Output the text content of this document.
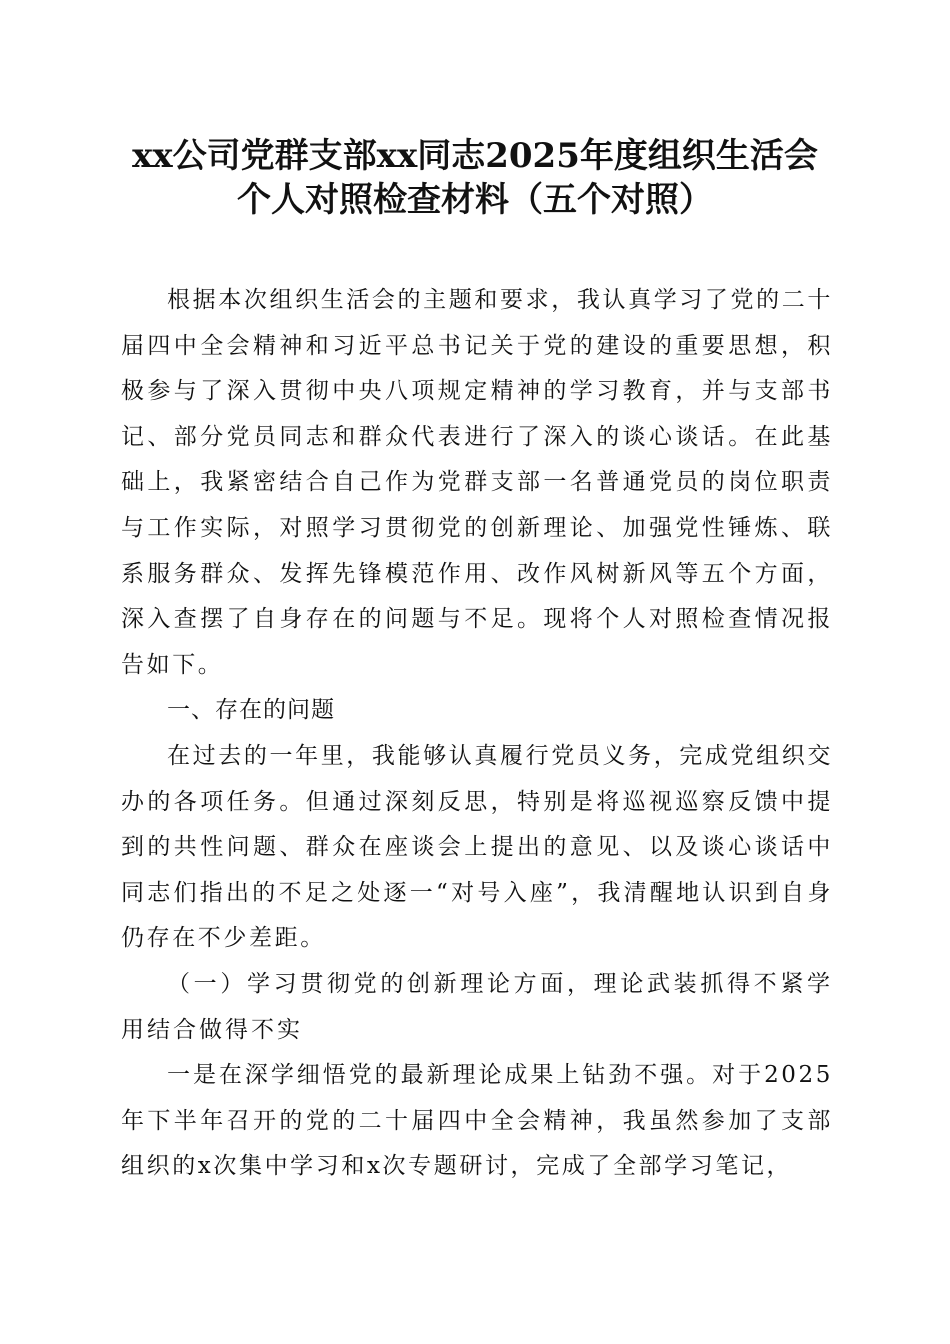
xx公司党群支部xx同志2025年度组织生活会
个人对照检查材料（五个对照）

根据本次组织生活会的主题和要求，我认真学习了党的二十届四中全会精神和习近平总书记关于党的建设的重要思想，积极参与了深入贯彻中央八项规定精神的学习教育，并与支部书记、部分党员同志和群众代表进行了深入的谈心谈话。在此基础上，我紧密结合自己作为党群支部一名普通党员的岗位职责与工作实际，对照学习贯彻党的创新理论、加强党性锤炼、联系服务群众、发挥先锋模范作用、改作风树新风等五个方面，深入查摆了自身存在的问题与不足。现将个人对照检查情况报告如下。

一、存在的问题

在过去的一年里，我能够认真履行党员义务，完成党组织交办的各项任务。但通过深刻反思，特别是将巡视巡察反馈中提到的共性问题、群众在座谈会上提出的意见、以及谈心谈话中同志们指出的不足之处逐一“对号入座”，我清醒地认识到自身仍存在不少差距。

（一）学习贯彻党的创新理论方面，理论武装抓得不紧学用结合做得不实

一是在深学细悟党的最新理论成果上钻劲不强。对于2025年下半年召开的党的二十届四中全会精神，我虽然参加了支部组织的x次集中学习和x次专题研讨，完成了全部学习笔记，
